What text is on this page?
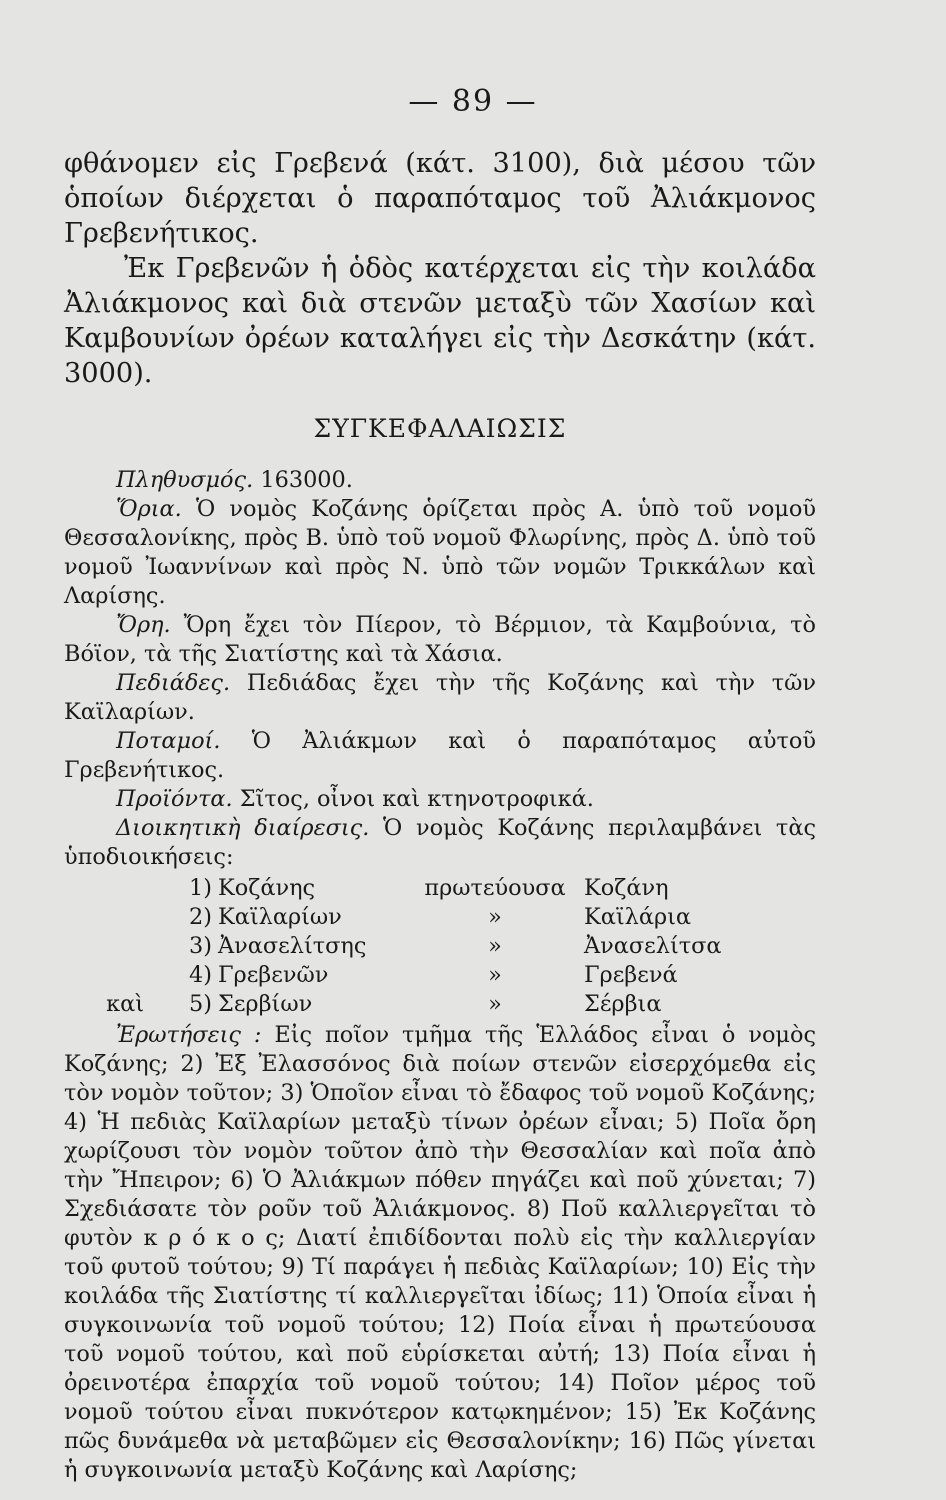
— 89 —

φθάνομεν εἰς Γρεβενά (κάτ. 3100), διὰ μέσου τῶν ὁποίων διέρχεται ὁ παραπόταμος τοῦ Ἀλιάκμονος Γρεβενήτικος.

Ἐκ Γρεβενῶν ἡ ὁδὸς κατέρχεται εἰς τὴν κοιλάδα Ἀλιάκμονος καὶ διὰ στενῶν μεταξὺ τῶν Χασίων καὶ Καμβουνίων ὀρέων καταλήγει εἰς τὴν Δεσκάτην (κάτ. 3000).

ΣΥΓΚΕΦΑΛΑΙΩΣΙΣ

Πληθυσμός. 163000.

Ὅρια. Ὁ νομὸς Κοζάνης ὁρίζεται πρὸς Α. ὑπὸ τοῦ νομοῦ Θεσσαλονίκης, πρὸς Β. ὑπὸ τοῦ νομοῦ Φλωρίνης, πρὸς Δ. ὑπὸ τοῦ νομοῦ Ἰωαννίνων καὶ πρὸς Ν. ὑπὸ τῶν νομῶν Τρικκάλων καὶ Λαρίσης.

Ὄρη. Ὄρη ἔχει τὸν Πίερον, τὸ Βέρμιον, τὰ Καμβούνια, τὸ Βόϊον, τὰ τῆς Σιατίστης καὶ τὰ Χάσια.

Πεδιάδες. Πεδιάδας ἔχει τὴν τῆς Κοζάνης καὶ τὴν τῶν Καϊλαρίων.

Ποταμοί. Ὁ Ἀλιάκμων καὶ ὁ παραπόταμος αὐτοῦ Γρεβενήτικος.

Προϊόντα. Σῖτος, οἶνοι καὶ κτηνοτροφικά.

Διοικητικὴ διαίρεσις. Ὁ νομὸς Κοζάνης περιλαμβάνει τὰς ὑποδιοικήσεις:

1) Κοζάνης	πρωτεύουσα Κοζάνη
2) Καϊλαρίων	»	Καϊλάρια
3) Ἀνασελίτσης	»	Ἀνασελίτσα
4) Γρεβενῶν	»	Γρεβενά
καὶ	5) Σερβίων	»	Σέρβια

Ἐρωτήσεις : Εἰς ποῖον τμῆμα τῆς Ἑλλάδος εἶναι ὁ νομὸς Κοζάνης; 2) Ἐξ Ἐλασσόνος διὰ ποίων στενῶν εἰσερχόμεθα εἰς τὸν νομὸν τοῦτον; 3) Ὁποῖον εἶναι τὸ ἔδαφος τοῦ νομοῦ Κοζάνης; 4) Ἡ πεδιὰς Καϊλαρίων μεταξὺ τίνων ὀρέων εἶναι; 5) Ποῖα ὄρη χωρίζουσι τὸν νομὸν τοῦτον ἀπὸ τὴν Θεσσαλίαν καὶ ποῖα ἀπὸ τὴν Ἤπειρον; 6) Ὁ Ἀλιάκμων πόθεν πηγάζει καὶ ποῦ χύνεται; 7) Σχεδιάσατε τὸν ροῦν τοῦ Ἀλιάκμονος. 8) Ποῦ καλλιεργεῖται τὸ φυτὸν κ ρ ό κ ο ς; Διατί ἐπιδίδονται πολὺ εἰς τὴν καλλιεργίαν τοῦ φυτοῦ τούτου; 9) Τί παράγει ἡ πεδιὰς Καϊλαρίων; 10) Εἰς τὴν κοιλάδα τῆς Σιατίστης τί καλλιεργεῖται ἰδίως; 11) Ὁποία εἶναι ἡ συγκοινωνία τοῦ νομοῦ τούτου; 12) Ποία εἶναι ἡ πρωτεύουσα τοῦ νομοῦ τούτου, καὶ ποῦ εὑρίσκεται αὐτή; 13) Ποία εἶναι ἡ ὀρεινοτέρα ἐπαρχία τοῦ νομοῦ τούτου; 14) Ποῖον μέρος τοῦ νομοῦ τούτου εἶναι πυκνότερον κατῳκημένον; 15) Ἐκ Κοζάνης πῶς δυνάμεθα νὰ μεταβῶμεν εἰς Θεσσαλονίκην; 16) Πῶς γίνεται ἡ συγκοινωνία μεταξὺ Κοζάνης καὶ Λαρίσης;
